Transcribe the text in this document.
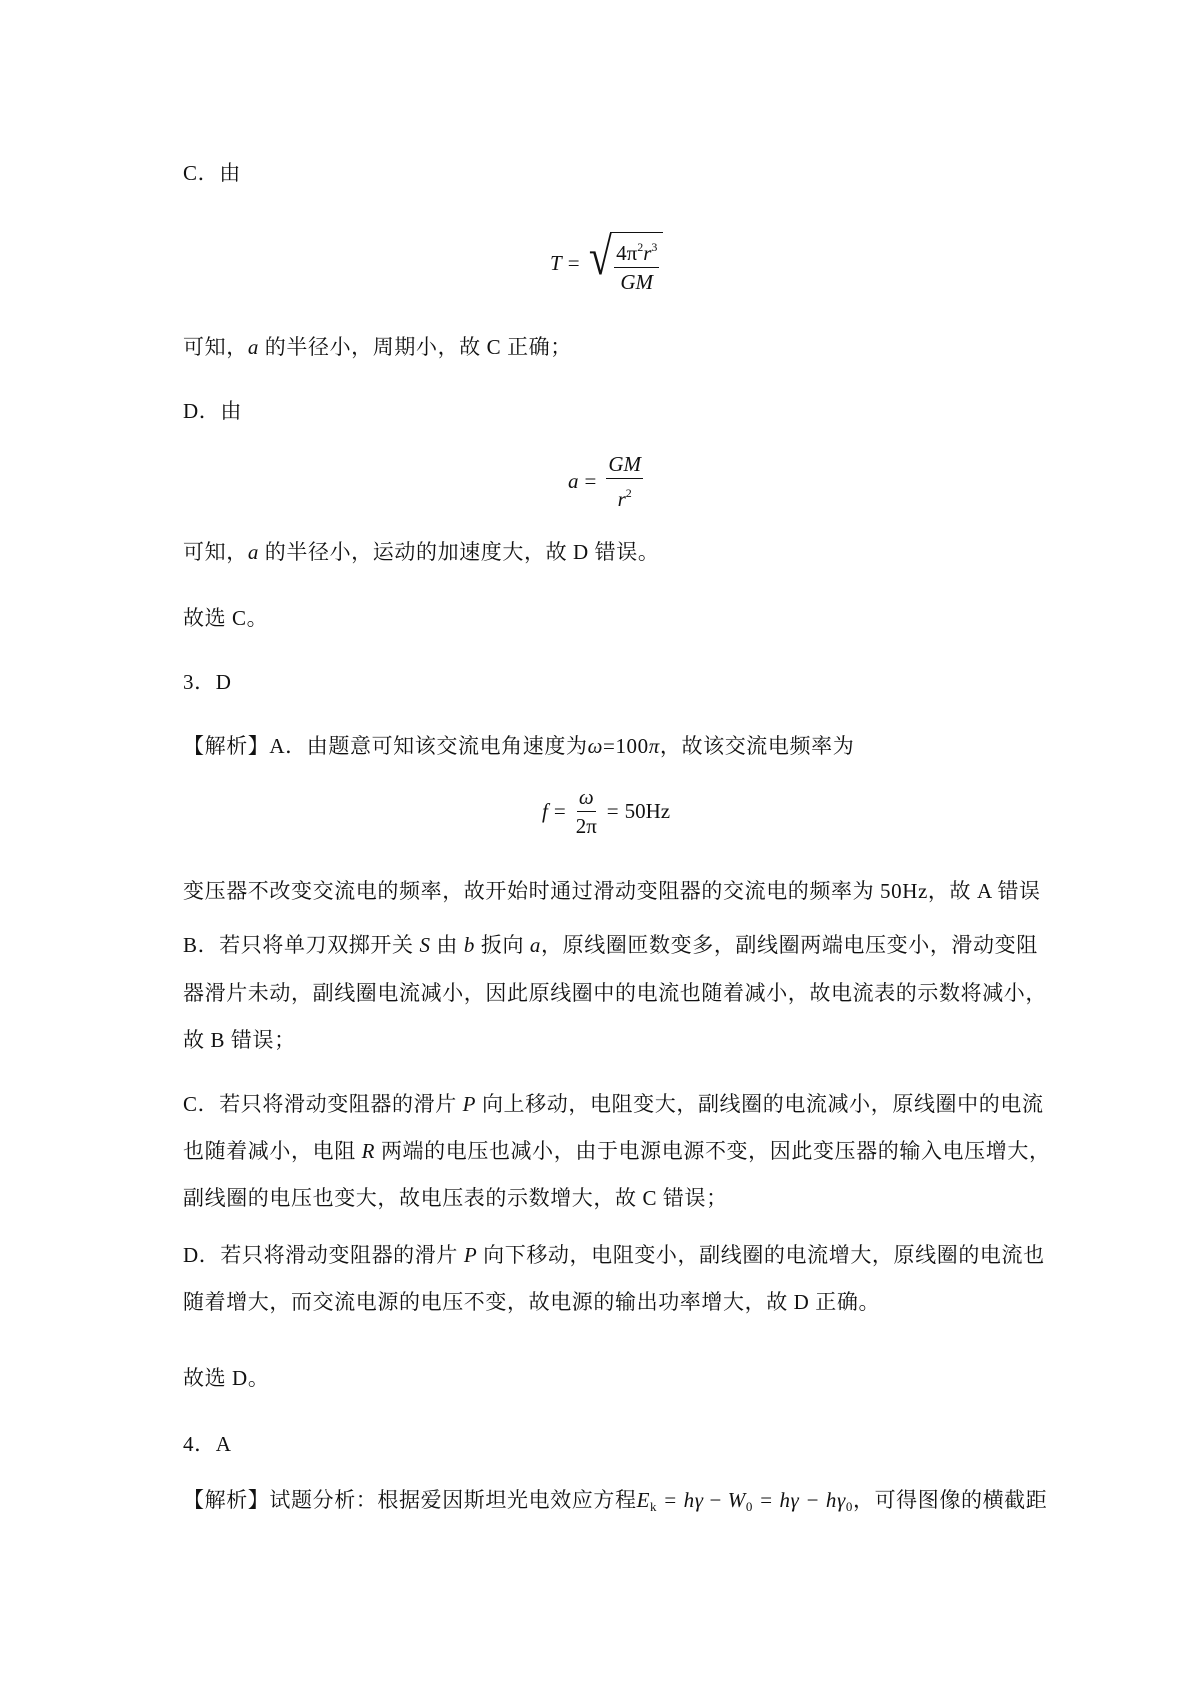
C．由
可知，a 的半径小，周期小，故 C 正确；
D．由
可知，a 的半径小，运动的加速度大，故 D 错误。
故选 C。
3．D
【解析】A．由题意可知该交流电角速度为ω=100π，故该交流电频率为
变压器不改变交流电的频率，故开始时通过滑动变阻器的交流电的频率为 50Hz，故 A 错误
B．若只将单刀双掷开关 S 由 b 扳向 a，原线圈匝数变多，副线圈两端电压变小，滑动变阻
器滑片未动，副线圈电流减小，因此原线圈中的电流也随着减小，故电流表的示数将减小，
故 B 错误；
C．若只将滑动变阻器的滑片 P 向上移动，电阻变大，副线圈的电流减小，原线圈中的电流
也随着减小，电阻 R 两端的电压也减小，由于电源电源不变，因此变压器的输入电压增大，
副线圈的电压也变大，故电压表的示数增大，故 C 错误；
D．若只将滑动变阻器的滑片 P 向下移动，电阻变小，副线圈的电流增大，原线圈的电流也
随着增大，而交流电源的电压不变，故电源的输出功率增大，故 D 正确。
故选 D。
4．A
【解析】试题分析：根据爱因斯坦光电效应方程$E_k = h\gamma - W_0 = h\gamma - h\gamma_0$，可得图像的横截距
T = √ $\frac{4\pi^2r^3}{GM}$
$a = \frac{GM}{r^2}$
$f = \frac{\omega}{2\pi} = 50Hz$
